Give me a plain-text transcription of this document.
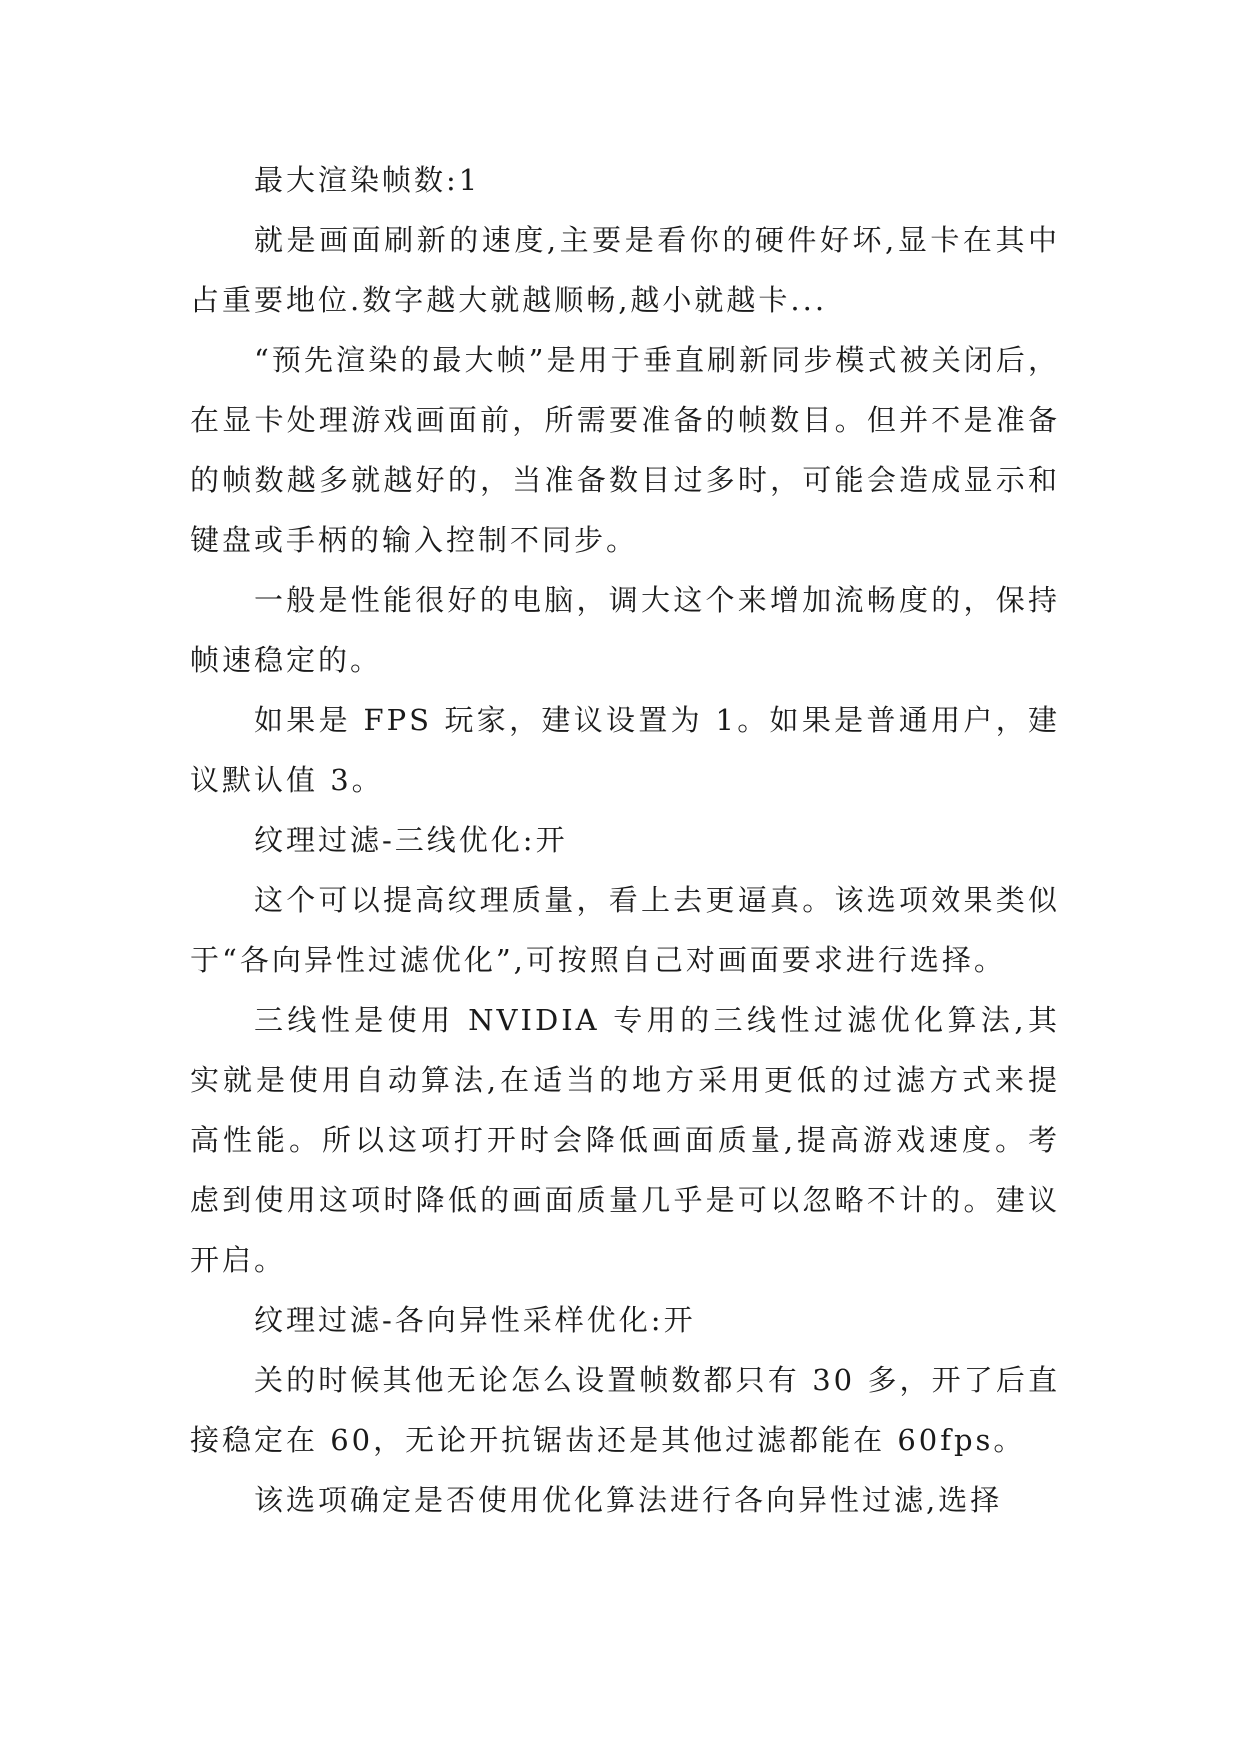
最大渲染帧数:1

就是画面刷新的速度,主要是看你的硬件好坏,显卡在其中占重要地位.数字越大就越顺畅,越小就越卡...

“预先渲染的最大帧”是用于垂直刷新同步模式被关闭后，在显卡处理游戏画面前，所需要准备的帧数目。但并不是准备的帧数越多就越好的，当准备数目过多时，可能会造成显示和键盘或手柄的输入控制不同步。

一般是性能很好的电脑，调大这个来增加流畅度的，保持帧速稳定的。

如果是 FPS 玩家，建议设置为 1。如果是普通用户，建议默认值 3。

纹理过滤-三线优化:开

这个可以提高纹理质量，看上去更逼真。该选项效果类似于“各向异性过滤优化”,可按照自己对画面要求进行选择。

三线性是使用 NVIDIA 专用的三线性过滤优化算法,其实就是使用自动算法,在适当的地方采用更低的过滤方式来提高性能。所以这项打开时会降低画面质量,提高游戏速度。考虑到使用这项时降低的画面质量几乎是可以忽略不计的。建议开启。

纹理过滤-各向异性采样优化:开

关的时候其他无论怎么设置帧数都只有 30 多，开了后直接稳定在 60，无论开抗锯齿还是其他过滤都能在 60fps。

该选项确定是否使用优化算法进行各向异性过滤,选择
